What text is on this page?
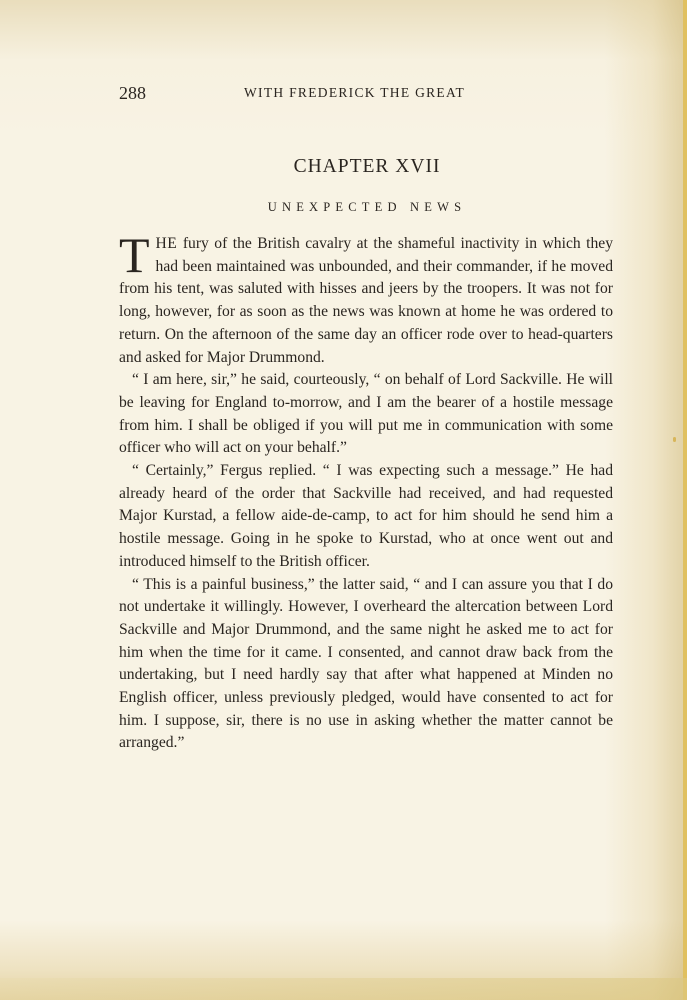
288	WITH FREDERICK THE GREAT
CHAPTER XVII
UNEXPECTED NEWS

THE fury of the British cavalry at the shameful inactivity in which they had been maintained was unbounded, and their commander, if he moved from his tent, was saluted with hisses and jeers by the troopers. It was not for long, however, for as soon as the news was known at home he was ordered to return. On the afternoon of the same day an officer rode over to head-quarters and asked for Major Drummond.

“ I am here, sir,” he said, courteously, “ on behalf of Lord Sackville. He will be leaving for England to-morrow, and I am the bearer of a hostile message from him. I shall be obliged if you will put me in communication with some officer who will act on your behalf.”

“ Certainly,” Fergus replied. “ I was expecting such a message.” He had already heard of the order that Sackville had received, and had requested Major Kurstad, a fellow aide-de-camp, to act for him should he send him a hostile message. Going in he spoke to Kurstad, who at once went out and introduced himself to the British officer.

“ This is a painful business,” the latter said, “ and I can assure you that I do not undertake it willingly. However, I overheard the altercation between Lord Sackville and Major Drummond, and the same night he asked me to act for him when the time for it came. I consented, and cannot draw back from the undertaking, but I need hardly say that after what happened at Minden no English officer, unless previously pledged, would have consented to act for him. I suppose, sir, there is no use in asking whether the matter cannot be arranged.”
